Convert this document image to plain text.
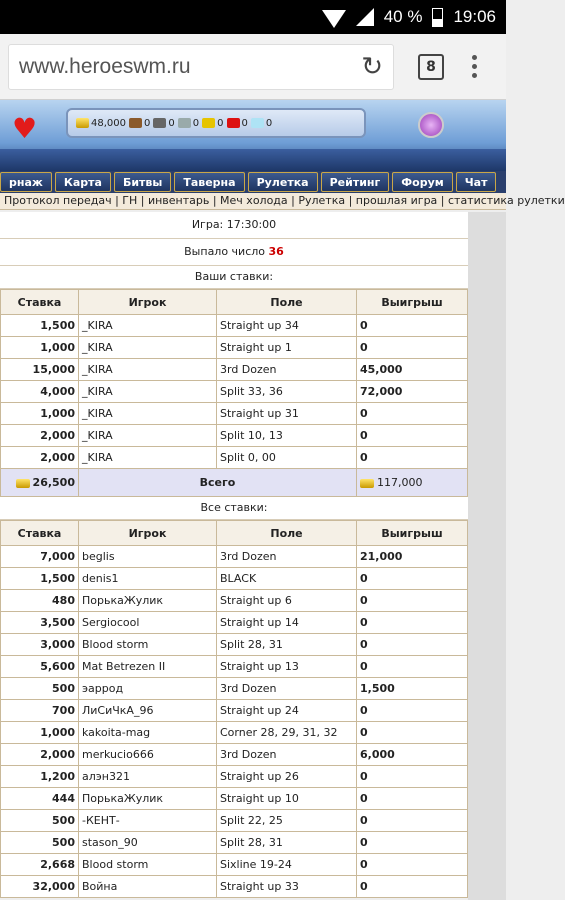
40 % 19:06
www.heroeswm.ru	↻	8
♥	48,000 0 0 0 0 0 0
рнаж	Карта	Битвы	Таверна	Рулетка	Рейтинг	Форум	Чат
Протокол передач | ГН | инвентарь | Меч холода | Рулетка | прошлая игра | статистика рулетки
Игра: 17:30:00
Выпало число 36
Ваши ставки:
Ставка	Игрок	Поле	Выигрыш
1,500	_KIRA	Straight up 34	0
1,000	_KIRA	Straight up 1	0
15,000	_KIRA	3rd Dozen	45,000
4,000	_KIRA	Split 33, 36	72,000
1,000	_KIRA	Straight up 31	0
2,000	_KIRA	Split 10, 13	0
2,000	_KIRA	Split 0, 00	0
26,500	Всего		117,000
Все ставки:
Ставка	Игрок	Поле	Выигрыш
7,000	beglis	3rd Dozen	21,000
1,500	denis1	BLACK	0
480	ПорькаЖулик	Straight up 6	0
3,500	Sergiocool	Straight up 14	0
3,000	Blood storm	Split 28, 31	0
5,600	Mat Betrezen II	Straight up 13	0
500	эаррод	3rd Dozen	1,500
700	ЛиСиЧкА_96	Straight up 24	0
1,000	kakoita-mag	Corner 28, 29, 31, 32	0
2,000	merkucio666	3rd Dozen	6,000
1,200	алэн321	Straight up 26	0
444	ПорькаЖулик	Straight up 10	0
500	-КЕНТ-	Split 22, 25	0
500	stason_90	Split 28, 31	0
2,668	Blood storm	Sixline 19-24	0
32,000	Война	Straight up 33	0
